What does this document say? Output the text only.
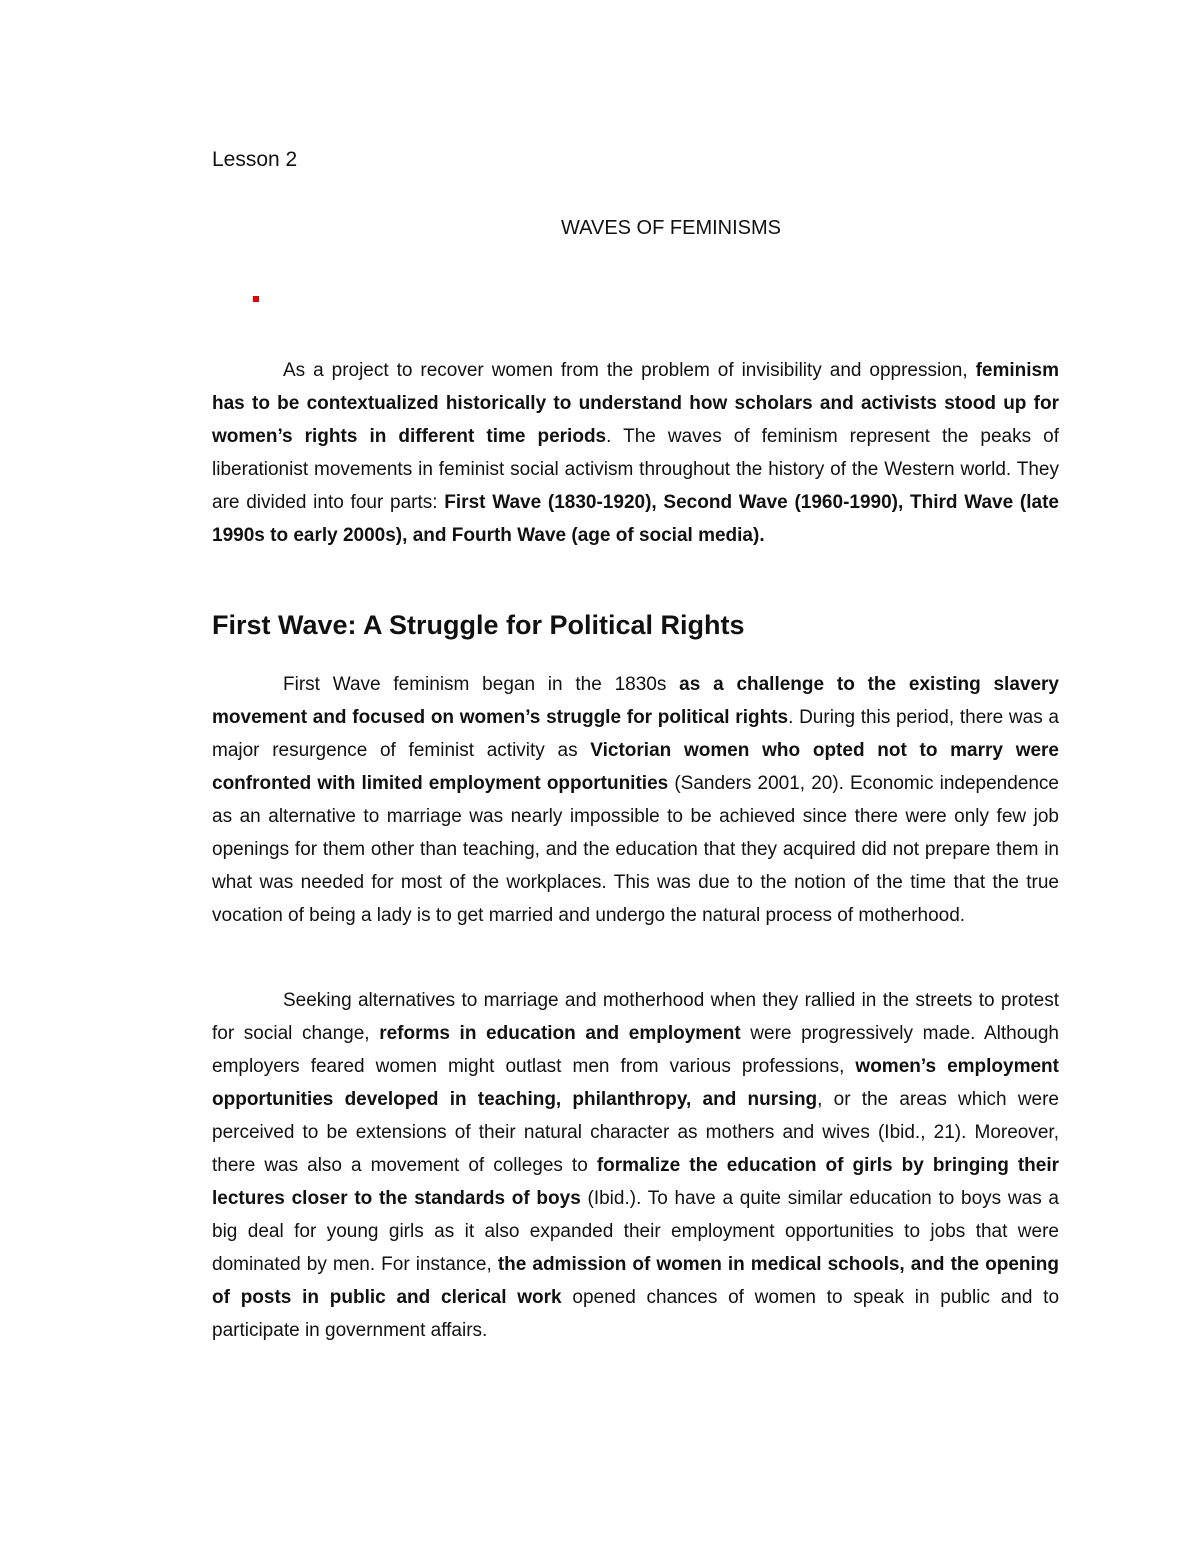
Lesson 2

WAVES OF FEMINISMS

As a project to recover women from the problem of invisibility and oppression, feminism has to be contextualized historically to understand how scholars and activists stood up for women’s rights in different time periods. The waves of feminism represent the peaks of liberationist movements in feminist social activism throughout the history of the Western world. They are divided into four parts: First Wave (1830-1920), Second Wave (1960-1990), Third Wave (late 1990s to early 2000s), and Fourth Wave (age of social media).

First Wave: A Struggle for Political Rights

First Wave feminism began in the 1830s as a challenge to the existing slavery movement and focused on women’s struggle for political rights. During this period, there was a major resurgence of feminist activity as Victorian women who opted not to marry were confronted with limited employment opportunities (Sanders 2001, 20). Economic independence as an alternative to marriage was nearly impossible to be achieved since there were only few job openings for them other than teaching, and the education that they acquired did not prepare them in what was needed for most of the workplaces. This was due to the notion of the time that the true vocation of being a lady is to get married and undergo the natural process of motherhood.

Seeking alternatives to marriage and motherhood when they rallied in the streets to protest for social change, reforms in education and employment were progressively made. Although employers feared women might outlast men from various professions, women’s employment opportunities developed in teaching, philanthropy, and nursing, or the areas which were perceived to be extensions of their natural character as mothers and wives (Ibid., 21). Moreover, there was also a movement of colleges to formalize the education of girls by bringing their lectures closer to the standards of boys (Ibid.). To have a quite similar education to boys was a big deal for young girls as it also expanded their employment opportunities to jobs that were dominated by men. For instance, the admission of women in medical schools, and the opening of posts in public and clerical work opened chances of women to speak in public and to participate in government affairs.
